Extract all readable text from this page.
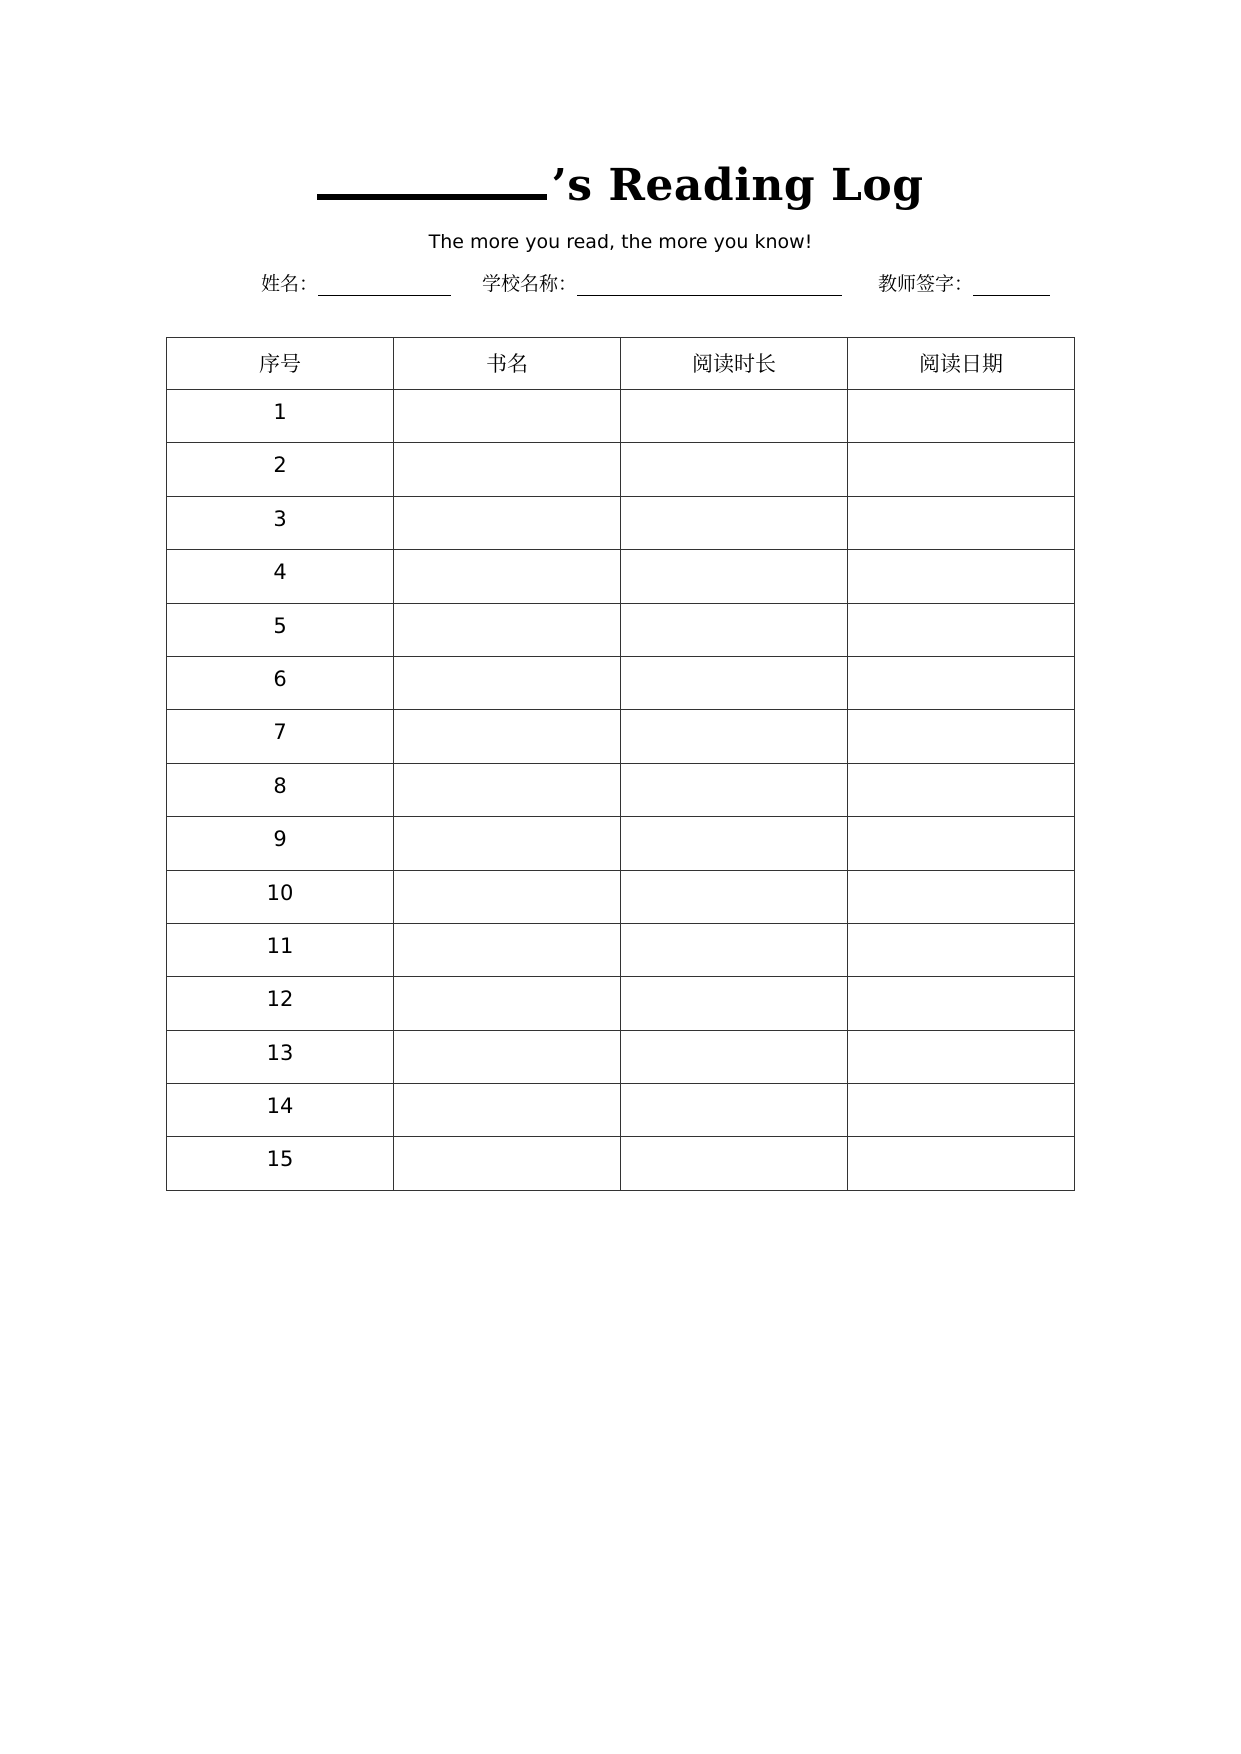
’s Reading Log
The more you read, the more you know!
姓名：	学校名称：	教师签字：
序号	书名	阅读时长	阅读日期
1			
2			
3			
4			
5			
6			
7			
8			
9			
10			
11			
12			
13			
14			
15			
